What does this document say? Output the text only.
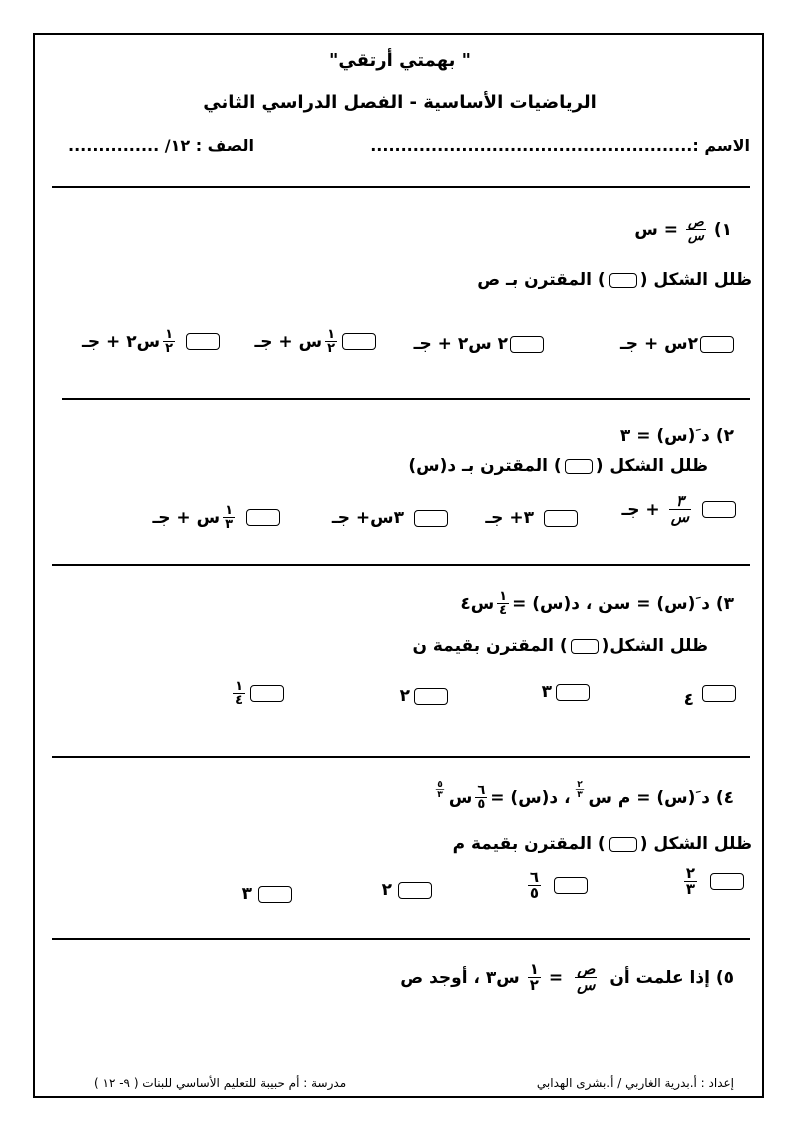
" بهمتي أرتقي"
الرياضيات الأساسية - الفصل الدراسي الثاني
الاسم :.....................................................
الصف : ١٢/ ...............
١)
$\frac{\text{ص}}{\text{س}}$
= س
ظلل الشكل (
) المقترن بـ ص
٢س + جـ
٢ س٢ + جـ
$\frac{١}{٢}$
س + جـ
$\frac{١}{٢}$
س٢ + جـ
٢) د َ(س) = ٣
ظلل الشكل (
) المقترن بـ د(س)
$\frac{٣}{\text{س}}$
+ جـ
٣+ جـ
٣س+ جـ
$\frac{١}{٣}$
س + جـ
٣) د َ(س) = سن ، د(س) =
$\frac{١}{٤}$
س٤
ظلل الشكل(
) المقترن بقيمة ن
٤
٣
٢
$\frac{١}{٤}$
٤) د َ(س) = م س
$\frac{٢}{٣}$
، د(س) =
$\frac{٦}{٥}$
س
$\frac{٥}{٣}$
ظلل الشكل (
) المقترن بقيمة م
$\frac{٢}{٣}$
$\frac{٦}{٥}$
٢
٣
٥) إذا علمت أن
$\frac{\text{ص}}{\text{س}}$
=
$\frac{١}{٢}$
س٣ ، أوجد ص
إعداد : أ.بدرية الغاربي / أ.بشرى الهدابي
مدرسة : أم حبيبة للتعليم الأساسي للبنات ( ٩- ١٢ )
